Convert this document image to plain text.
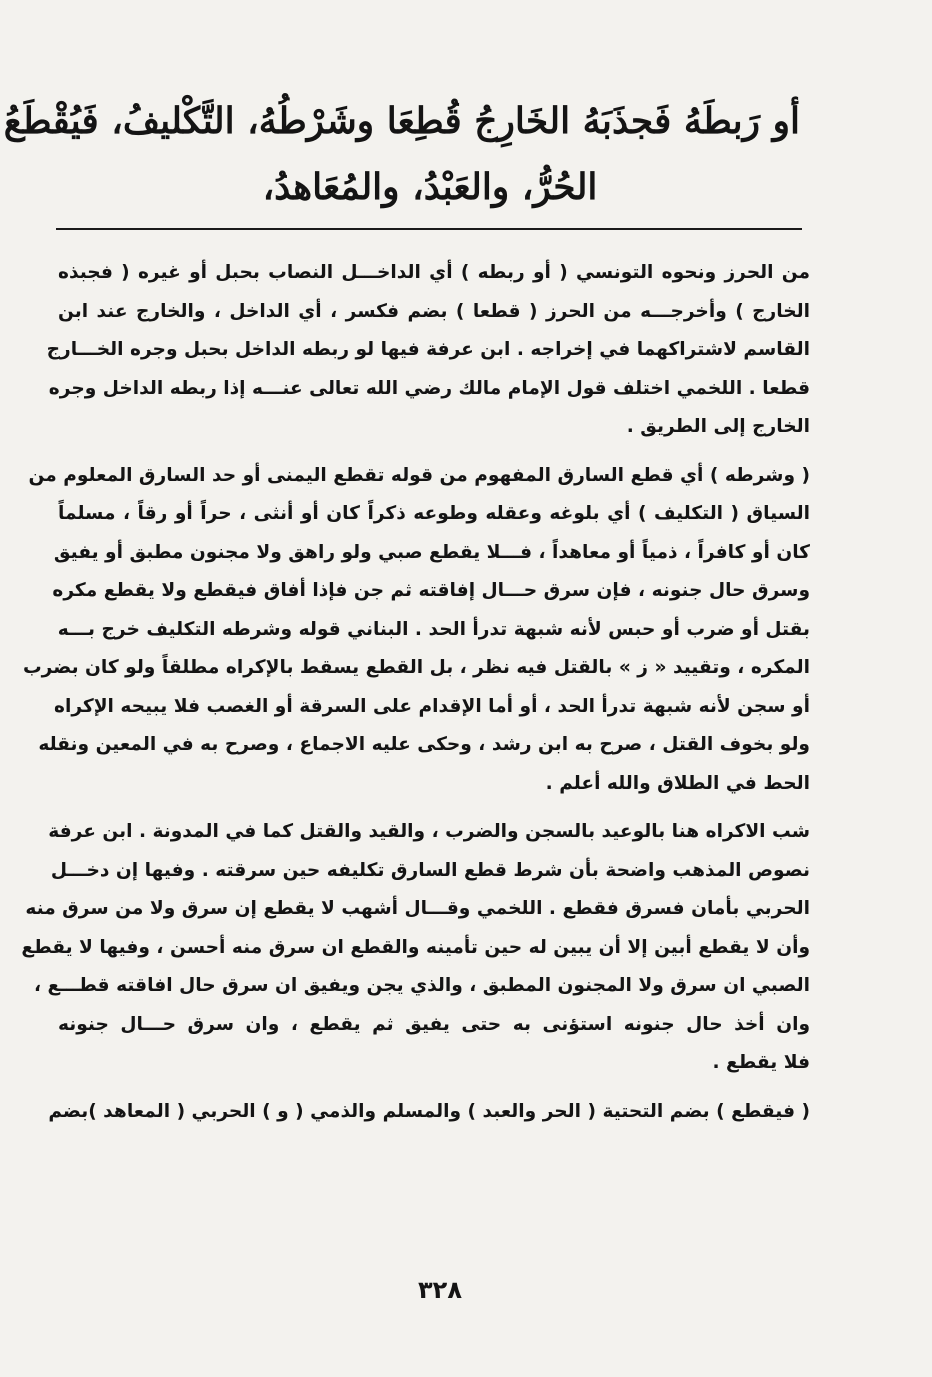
أو رَبطَهُ فَجذَبَهُ الخَارِجُ قُطِعَا وشَرْطُهُ، التَّكْليفُ، فَيُقْطَعُ
الحُرُّ، والعَبْدُ، والمُعَاهدُ،
من الحرز ونحوه التونسي ( أو ربطه ) أي الداخـــل النصاب بحبل أو غيره ( فجبذه
الخارج ) وأخرجـــه من الحرز ( قطعا ) بضم فكسر ، أي الداخل ، والخارج عند ابن
القاسم لاشتراكهما في إخراجه . ابن عرفة فيها لو ربطه الداخل بحبل وجره الخـــارج
قطعا . اللخمي اختلف قول الإمام مالك رضي الله تعالى عنـــه إذا ربطه الداخل وجره
الخارج إلى الطريق .
( وشرطه ) أي قطع السارق المفهوم من قوله تقطع اليمنى أو حد السارق المعلوم من
السياق ( التكليف ) أي بلوغه وعقله وطوعه ذكراً كان أو أنثى ، حراً أو رقاً ، مسلماً
كان أو كافراً ، ذمياً أو معاهداً ، فـــلا يقطع صبي ولو راهق ولا مجنون مطبق أو يفيق
وسرق حال جنونه ، فإن سرق حـــال إفاقته ثم جن فإذا أفاق فيقطع ولا يقطع مكره
بقتل أو ضرب أو حبس لأنه شبهة تدرأ الحد . البناني قوله وشرطه التكليف خرج بـــه
المكره ، وتقييد « ز » بالقتل فيه نظر ، بل القطع يسقط بالإكراه مطلقاً ولو كان بضرب
أو سجن لأنه شبهة تدرأ الحد ، أو أما الإقدام على السرقة أو الغصب فلا يبيحه الإكراه
ولو بخوف القتل ، صرح به ابن رشد ، وحكى عليه الاجماع ، وصرح به في المعين ونقله
الحط في الطلاق والله أعلم .
شب الاكراه هنا بالوعيد بالسجن والضرب ، والقيد والقتل كما في المدونة . ابن عرفة
نصوص المذهب واضحة بأن شرط قطع السارق تكليفه حين سرقته . وفيها إن دخـــل
الحربي بأمان فسرق فقطع . اللخمي وقـــال أشهب لا يقطع إن سرق ولا من سرق منه
وأن لا يقطع أبين إلا أن يبين له حين تأمينه والقطع ان سرق منه أحسن ، وفيها لا يقطع
الصبي ان سرق ولا المجنون المطبق ، والذي يجن ويفيق ان سرق حال افاقته قطـــع ،
وان أخذ حال جنونه استؤنى به حتى يفيق ثم يقطع ، وان سرق حـــال جنونه
فلا يقطع .
( فيقطع ) بضم التحتية ( الحر والعبد ) والمسلم والذمي ( و ) الحربي ( المعاهد )بضم
٣٢٨
